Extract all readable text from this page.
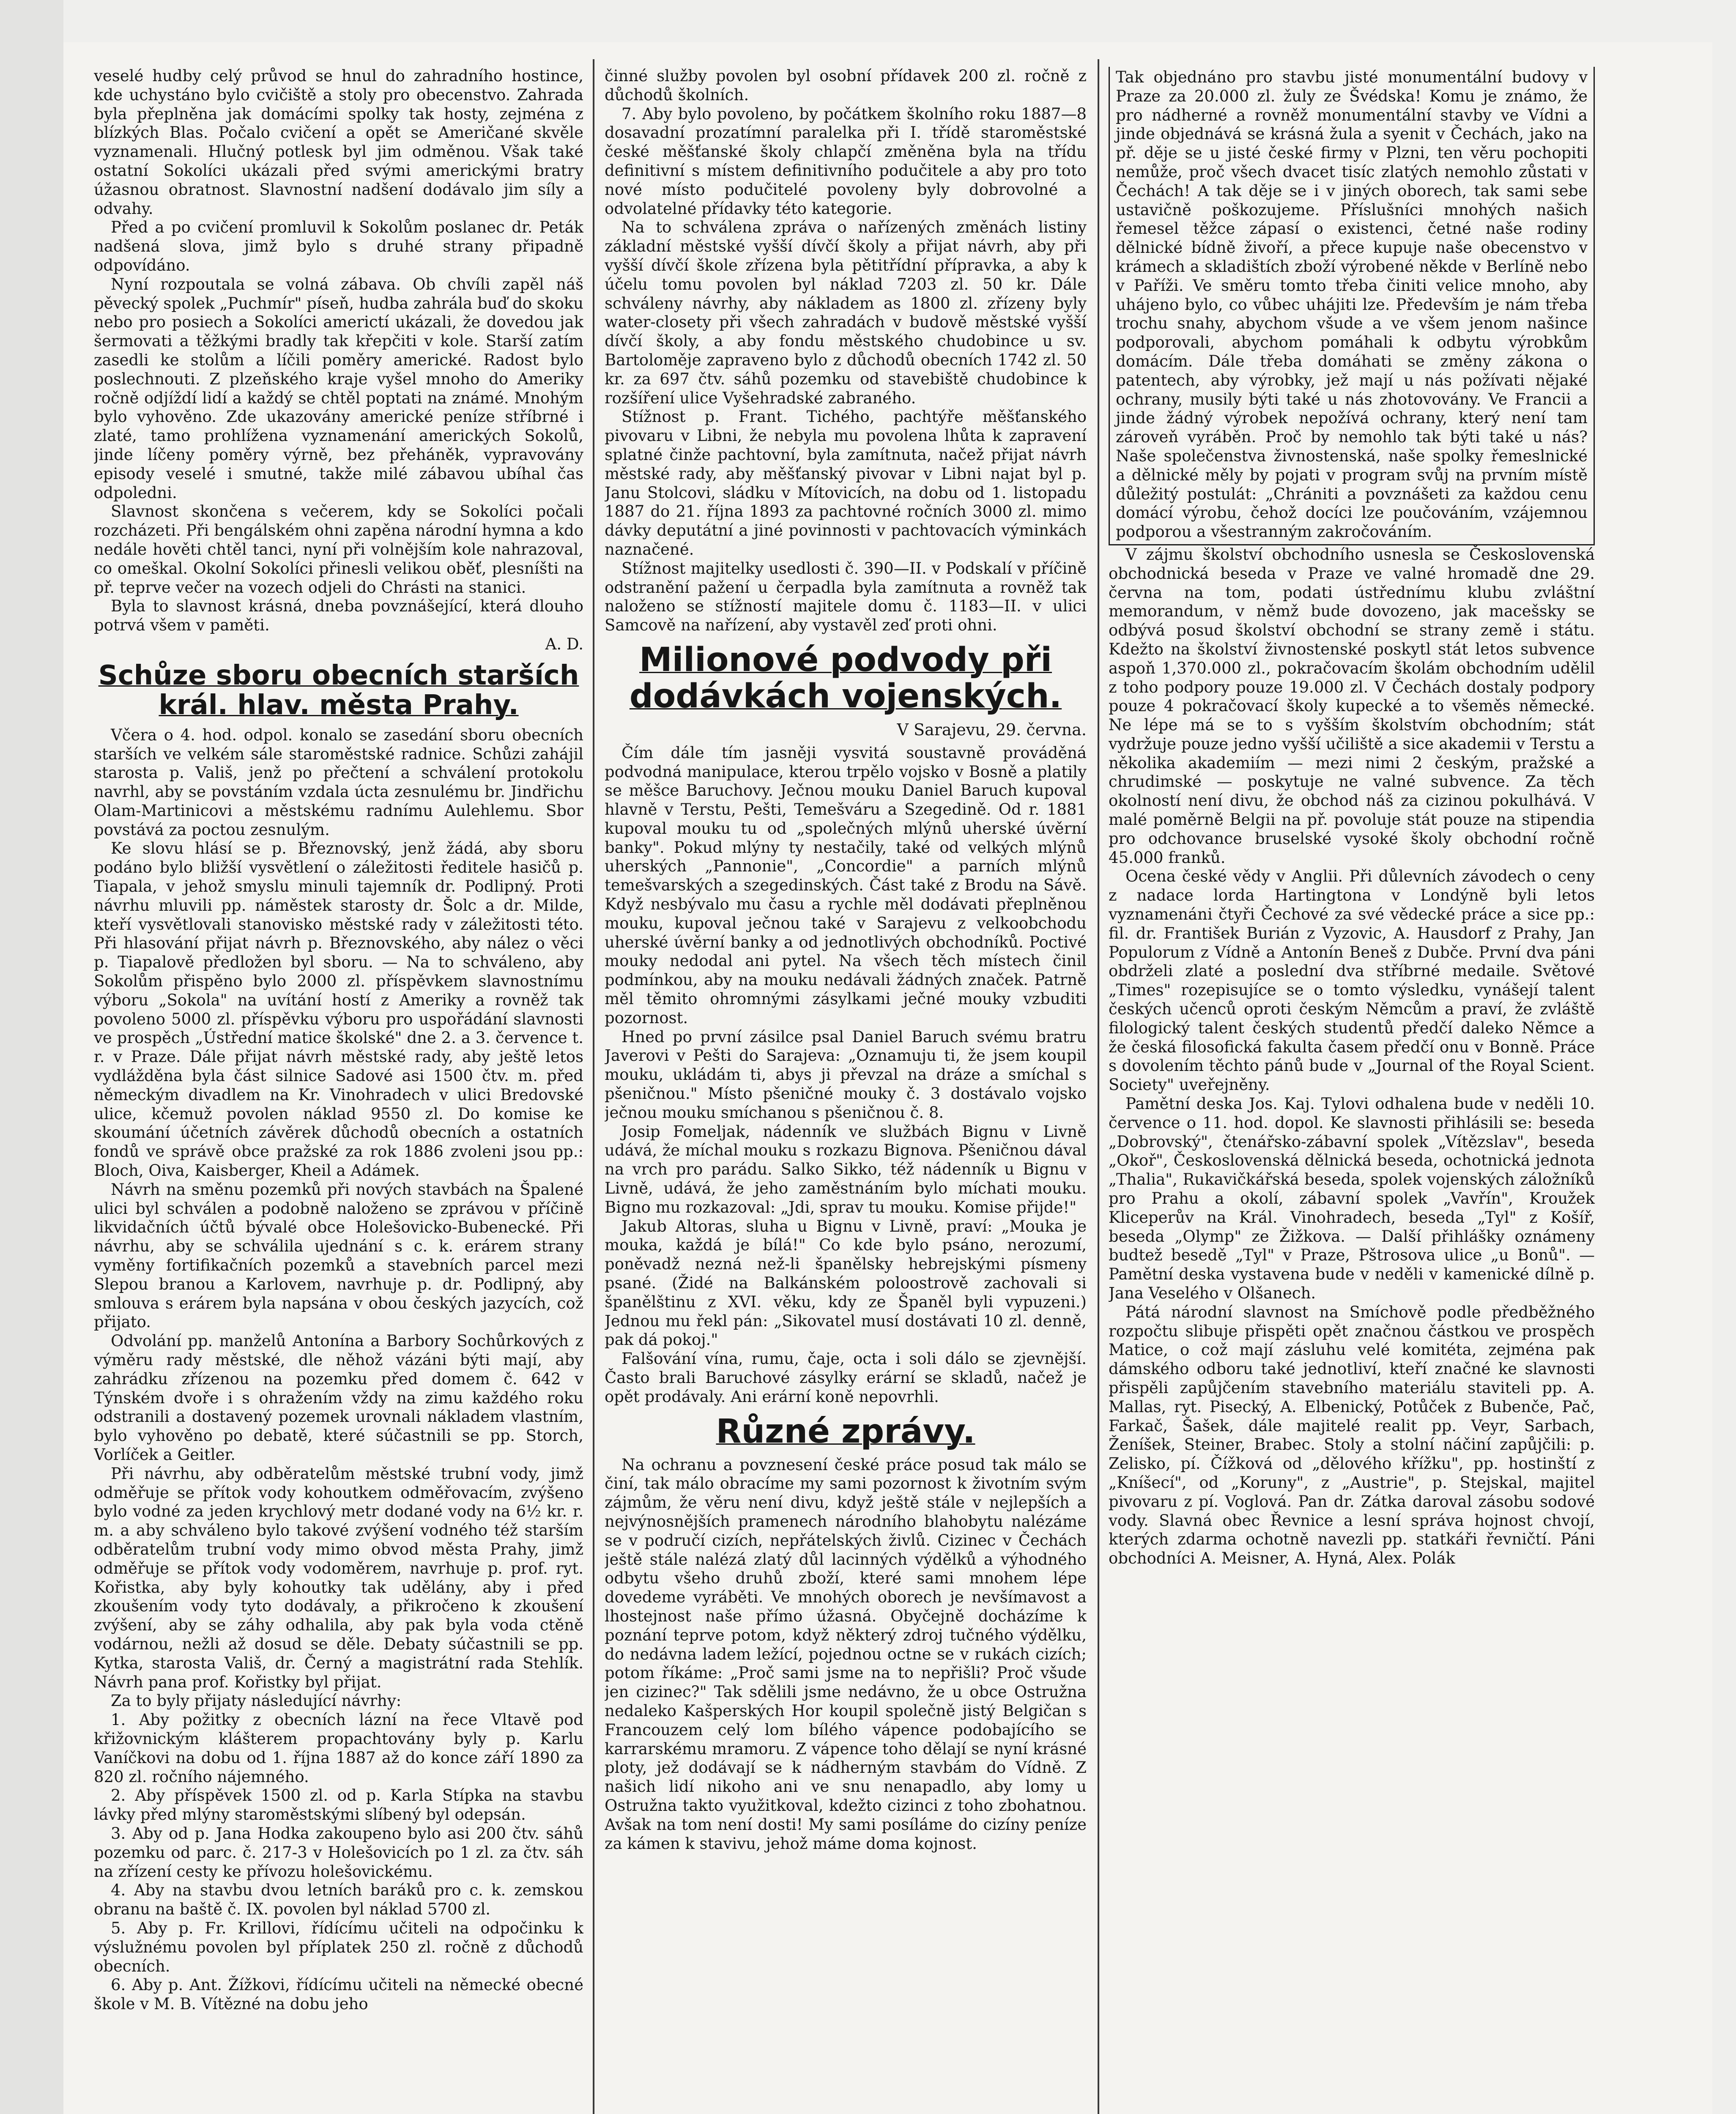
veselé hudby celý průvod se hnul do zahradního hostince, kde uchystáno bylo cvičiště a stoly pro obecenstvo. Zahrada byla přeplněna jak domácími spolky tak hosty, zejména z blízkých Blas. Počalo cvičení a opět se Američané skvěle vyznamenali. Hlučný potlesk byl jim odměnou. Však také ostatní Sokolíci ukázali před svými americkými bratry úžasnou obratnost. Slavnostní nadšení dodávalo jim síly a odvahy.

Před a po cvičení promluvil k Sokolům poslanec dr. Peták nadšená slova, jimž bylo s druhé strany připadně odpovídáno.

Nyní rozpoutala se volná zábava. Ob chvíli zapěl náš pěvecký spolek „Puchmír" píseň, hudba zahrála buď do skoku nebo pro posiech a Sokolíci americtí ukázali, že dovedou jak šermovati a těžkými bradly tak křepčiti v kole. Starší zatím zasedli ke stolům a líčili poměry americké. Radost bylo poslechnouti. Z plzeňského kraje vyšel mnoho do Ameriky ročně odjíždí lidí a každý se chtěl poptati na známé. Mnohým bylo vyhověno. Zde ukazovány americké peníze stříbrné i zlaté, tamo prohlížena vyznamenání amerických Sokolů, jinde líčeny poměry výrně, bez přeháněk, vypravovány episody veselé i smutné, takže milé zábavou ubíhal čas odpoledni.

Slavnost skončena s večerem, kdy se Sokolíci počali rozcházeti. Při bengálském ohni zapěna národní hymna a kdo nedále hověti chtěl tanci, nyní při volnějším kole nahrazoval, co omeškal. Okolní Sokolíci přinesli velikou oběť, plesníšti na př. teprve večer na vozech odjeli do Chrásti na stanici.

Byla to slavnost krásná, dneba povznášející, která dlouho potrvá všem v paměti.

A. D.
Schůze sboru obecních starších král. hlav. města Prahy.

Včera o 4. hod. odpol. konalo se zasedání sboru obecních starších ve velkém sále staroměstské radnice. Schůzi zahájil starosta p. Vališ, jenž po přečtení a schválení protokolu navrhl, aby se povstáním vzdala úcta zesnulému br. Jindřichu Olam-Martinicovi a městskému radnímu Aulehlemu. Sbor povstává za poctou zesnulým.

Ke slovu hlásí se p. Březnovský, jenž žádá, aby sboru podáno bylo bližší vysvětlení o záležitosti ředitele hasičů p. Tiapala, v jehož smyslu minuli tajemník dr. Podlipný. Proti návrhu mluvili pp. náměstek starosty dr. Šolc a dr. Milde, kteří vysvětlovali stanovisko městské rady v záležitosti této. Při hlasování přijat návrh p. Březnovského, aby nález o věci p. Tiapalově předložen byl sboru. — Na to schváleno, aby Sokolům přispěno bylo 2000 zl. příspěvkem slavnostnímu výboru „Sokola" na uvítání hostí z Ameriky a rovněž tak povoleno 5000 zl. příspěvku výboru pro uspořádání slavnosti ve prospěch „Ústřední matice školské" dne 2. a 3. července t. r. v Praze. Dále přijat návrh městské rady, aby ještě letos vydlážděna byla část silnice Sadové asi 1500 čtv. m. před německým divadlem na Kr. Vinohradech v ulici Bredovské ulice, kčemuž povolen náklad 9550 zl. Do komise ke skoumání účetních závěrek důchodů obecních a ostatních fondů ve správě obce pražské za rok 1886 zvoleni jsou pp.: Bloch, Oiva, Kaisberger, Kheil a Adámek.

Návrh na směnu pozemků při nových stavbách na Špalené ulici byl schválen a podobně naloženo se zprávou v příčině likvidačních účtů bývalé obce Holešovicko-Bubenecké. Při návrhu, aby se schválila ujednání s c. k. erárem strany vyměny fortifikačních pozemků a stavebních parcel mezi Slepou branou a Karlovem, navrhuje p. dr. Podlipný, aby smlouva s erárem byla napsána v obou českých jazycích, což přijato.

Odvolání pp. manželů Antonína a Barbory Sochůrkových z výměru rady městské, dle něhož vázáni býti mají, aby zahrádku zřízenou na pozemku před domem č. 642 v Týnském dvoře i s ohražením vždy na zimu každého roku odstranili a dostavený pozemek urovnali nákladem vlastním, bylo vyhověno po debatě, které súčastnili se pp. Storch, Vorlíček a Geitler.

Při návrhu, aby odběratelům městské trubní vody, jimž odměřuje se přítok vody kohoutkem odměřovacím, zvýšeno bylo vodné za jeden krychlový metr dodané vody na 6½ kr. r. m. a aby schváleno bylo takové zvýšení vodného též starším odběratelům trubní vody mimo obvod města Prahy, jimž odměřuje se přítok vody vodoměrem, navrhuje p. prof. ryt. Kořistka, aby byly kohoutky tak udělány, aby i před zkoušením vody tyto dodávaly, a přikročeno k zkoušení zvýšení, aby se záhy odhalila, aby pak byla voda ctěně vodárnou, nežli až dosud se děle. Debaty súčastnili se pp. Kytka, starosta Vališ, dr. Černý a magistrátní rada Stehlík. Návrh pana prof. Kořistky byl přijat.

Za to byly přijaty následující návrhy:

1. Aby požitky z obecních lázní na řece Vltavě pod křižovnickým klášterem propachtovány byly p. Karlu Vaníčkovi na dobu od 1. října 1887 až do konce září 1890 za 820 zl. ročního nájemného.

2. Aby příspěvek 1500 zl. od p. Karla Stípka na stavbu lávky před mlýny staroměstskými slíbený byl odepsán.

3. Aby od p. Jana Hodka zakoupeno bylo asi 200 čtv. sáhů pozemku od parc. č. 217-3 v Holešovicích po 1 zl. za čtv. sáh na zřízení cesty ke přívozu holešovickému.

4. Aby na stavbu dvou letních baráků pro c. k. zemskou obranu na baště č. IX. povolen byl náklad 5700 zl.

5. Aby p. Fr. Krillovi, řídícímu učiteli na odpočinku k výslužnému povolen byl příplatek 250 zl. ročně z důchodů obecních.

6. Aby p. Ant. Žížkovi, řídícímu učiteli na německé obecné škole v M. B. Vítězné na dobu jeho

činné služby povolen byl osobní přídavek 200 zl. ročně z důchodů školních.

7. Aby bylo povoleno, by počátkem školního roku 1887—8 dosavadní prozatímní paralelka při I. třídě staroměstské české měšťanské školy chlapčí změněna byla na třídu definitivní s místem definitivního podučitele a aby pro toto nové místo podučitelé povoleny byly dobrovolné a odvolatelné přídavky této kategorie.

Na to schválena zpráva o nařízených změnách listiny základní městské vyšší dívčí školy a přijat návrh, aby při vyšší dívčí škole zřízena byla pětitřídní přípravka, a aby k účelu tomu povolen byl náklad 7203 zl. 50 kr. Dále schváleny návrhy, aby nákladem as 1800 zl. zřízeny byly water-closety při všech zahradách v budově městské vyšší dívčí školy, a aby fondu městského chudobince u sv. Bartoloměje zapraveno bylo z důchodů obecních 1742 zl. 50 kr. za 697 čtv. sáhů pozemku od stavebiště chudobince k rozšíření ulice Vyšehradské zabraného.

Stížnost p. Frant. Tichého, pachtýře měšťanského pivovaru v Libni, že nebyla mu povolena lhůta k zapravení splatné činže pachtovní, byla zamítnuta, načež přijat návrh městské rady, aby měšťanský pivovar v Libni najat byl p. Janu Stolcovi, sládku v Mítovicích, na dobu od 1. listopadu 1887 do 21. října 1893 za pachtovné ročních 3000 zl. mimo dávky deputátní a jiné povinnosti v pachtovacích výminkách naznačené.

Stížnost majitelky usedlosti č. 390—II. v Podskalí v příčině odstranění pažení u čerpadla byla zamítnuta a rovněž tak naloženo se stížností majitele domu č. 1183—II. v ulici Samcově na nařízení, aby vystavěl zeď proti ohni.

Milionové podvody při dodávkách vojenských.
V Sarajevu, 29. června.

Čím dále tím jasněji vysvitá soustavně prováděná podvodná manipulace, kterou trpělo vojsko v Bosně a platily se měšce Baruchovy. Ječnou mouku Daniel Baruch kupoval hlavně v Terstu, Pešti, Temešváru a Szegedině. Od r. 1881 kupoval mouku tu od „společných mlýnů uherské úvěrní banky". Pokud mlýny ty nestačily, také od velkých mlýnů uherských „Pannonie", „Concordie" a parních mlýnů temešvarských a szegedinských. Část také z Brodu na Sávě. Když nesbývalo mu času a rychle měl dodávati přeplněnou mouku, kupoval ječnou také v Sarajevu z velkoobchodu uherské úvěrní banky a od jednotlivých obchodníků. Poctivé mouky nedodal ani pytel. Na všech těch místech činil podmínkou, aby na mouku nedávali žádných značek. Patrně měl těmito ohromnými zásylkami ječné mouky vzbuditi pozornost.

Hned po první zásilce psal Daniel Baruch svému bratru Javerovi v Pešti do Sarajeva: „Oznamuju ti, že jsem koupil mouku, ukládám ti, abys ji převzal na dráze a smíchal s pšeničnou." Místo pšeničné mouky č. 3 dostávalo vojsko ječnou mouku smíchanou s pšeničnou č. 8.

Josip Fomeljak, nádenník ve službách Bignu v Livně udává, že míchal mouku s rozkazu Bignova. Pšeničnou dával na vrch pro parádu. Salko Sikko, též nádenník u Bignu v Livně, udává, že jeho zaměstnáním bylo míchati mouku. Bigno mu rozkazoval: „Jdi, sprav tu mouku. Komise přijde!"

Jakub Altoras, sluha u Bignu v Livně, praví: „Mouka je mouka, každá je bílá!" Co kde bylo psáno, nerozumí, poněvadž nezná než-li španělsky hebrejskými písmeny psané. (Židé na Balkánském poloostrově zachovali si španělštinu z XVI. věku, kdy ze Španěl byli vypuzeni.) Jednou mu řekl pán: „Sikovatel musí dostávati 10 zl. denně, pak dá pokoj."

Falšování vína, rumu, čaje, octa i soli dálo se zjevnější. Často brali Baruchové zásylky erární se skladů, načež je opět prodávaly. Ani erární koně nepovrhli.

Různé zprávy.

Na ochranu a povznesení české práce posud tak málo se činí, tak málo obracíme my sami pozornost k životním svým zájmům, že věru není divu, když ještě stále v nejlepších a nejvýnosnějších pramenech národního blahobytu nalézáme se v područí cizích, nepřátelských živlů. Cizinec v Čechách ještě stále nalézá zlatý důl lacinných výdělků a výhodného odbytu všeho druhů zboží, které sami mnohem lépe dovedeme vyráběti. Ve mnohých oborech je nevšímavost a lhostejnost naše přímo úžasná. Obyčejně docházíme k poznání teprve potom, když některý zdroj tučného výdělku, do nedávna ladem ležící, pojednou octne se v rukách cizích; potom říkáme: „Proč sami jsme na to nepřišli? Proč všude jen cizinec?" Tak sdělili jsme nedávno, že u obce Ostružna nedaleko Kašperských Hor koupil společně jistý Belgičan s Francouzem celý lom bílého vápence podobajícího se karrarskému mramoru. Z vápence toho dělají se nyní krásné ploty, jež dodávají se k nádherným stavbám do Vídně. Z našich lidí nikoho ani ve snu nenapadlo, aby lomy u Ostružna takto využitkoval, kdežto cizinci z toho zbohatnou. Avšak na tom není dosti! My sami posíláme do cizíny peníze za kámen k stavivu, jehož máme doma kojnost.

Tak objednáno pro stavbu jisté monumentální budovy v Praze za 20.000 zl. žuly ze Švédska! Komu je známo, že pro nádherné a rovněž monumentální stavby ve Vídni a jinde objednává se krásná žula a syenit v Čechách, jako na př. děje se u jisté české firmy v Plzni, ten věru pochopiti nemůže, proč všech dvacet tisíc zlatých nemohlo zůstati v Čechách! A tak děje se i v jiných oborech, tak sami sebe ustavičně poškozujeme. Příslušníci mnohých našich řemesel těžce zápasí o existenci, četné naše rodiny dělnické bídně živoří, a přece kupuje naše obecenstvo v krámech a skladištích zboží výrobené někde v Berlíně nebo v Paříži. Ve směru tomto třeba činiti velice mnoho, aby uhájeno bylo, co vůbec uhájiti lze. Především je nám třeba trochu snahy, abychom všude a ve všem jenom našince podporovali, abychom pomáhali k odbytu výrobkům domácím. Dále třeba domáhati se změny zákona o patentech, aby výrobky, jež mají u nás požívati nějaké ochrany, musily býti také u nás zhotovovány. Ve Francii a jinde žádný výrobek nepožívá ochrany, který není tam zároveň vyráběn. Proč by nemohlo tak býti také u nás? Naše společenstva živnostenská, naše spolky řemeslnické a dělnické měly by pojati v program svůj na prvním místě důležitý postulát: „Chrániti a povznášeti za každou cenu domácí výrobu, čehož docíci lze poučováním, vzájemnou podporou a všestranným zakročováním.

V zájmu školství obchodního usnesla se Československá obchodnická beseda v Praze ve valné hromadě dne 29. června na tom, podati ústřednímu klubu zvláštní memorandum, v němž bude dovozeno, jak macešsky se odbývá posud školství obchodní se strany země i státu. Kdežto na školství živnostenské poskytl stát letos subvence aspoň 1,370.000 zl., pokračovacím školám obchodním udělil z toho podpory pouze 19.000 zl. V Čechách dostaly podpory pouze 4 pokračovací školy kupecké a to všeměs německé. Ne lépe má se to s vyšším školstvím obchodním; stát vydržuje pouze jedno vyšší učiliště a sice akademii v Terstu a několika akademiím — mezi nimi 2 českým, pražské a chrudimské — poskytuje ne valné subvence. Za těch okolností není divu, že obchod náš za cizinou pokulhává. V malé poměrně Belgii na př. povoluje stát pouze na stipendia pro odchovance bruselské vysoké školy obchodní ročně 45.000 franků.

Ocena české vědy v Anglii. Při důlevních závodech o ceny z nadace lorda Hartingtona v Londýně byli letos vyznamenáni čtyři Čechové za své vědecké práce a sice pp.: fil. dr. František Burián z Vyzovic, A. Hausdorf z Prahy, Jan Populorum z Vídně a Antonín Beneš z Dubče. První dva páni obdrželi zlaté a poslední dva stříbrné medaile. Světové „Times" rozepisujíce se o tomto výsledku, vynášejí talent českých učenců oproti českým Němcům a praví, že zvláště filologický talent českých studentů předčí daleko Němce a že česká filosofická fakulta časem předčí onu v Bonně. Práce s dovolením těchto pánů bude v „Journal of the Royal Scient. Society" uveřejněny.

Pamětní deska Jos. Kaj. Tylovi odhalena bude v neděli 10. července o 11. hod. dopol. Ke slavnosti přihlásili se: beseda „Dobrovský", čtenářsko-zábavní spolek „Vítězslav", beseda „Okoř", Československá dělnická beseda, ochotnická jednota „Thalia", Rukavičkářská beseda, spolek vojenských záložníků pro Prahu a okolí, zábavní spolek „Vavřín", Kroužek Kliceperův na Král. Vinohradech, beseda „Tyl" z Košíř, beseda „Olymp" ze Žižkova. — Další přihlášky oznámeny budtež besedě „Tyl" v Praze, Pštrosova ulice „u Bonů". — Pamětní deska vystavena bude v neděli v kamenické dílně p. Jana Veselého v Olšanech.

Pátá národní slavnost na Smíchově podle předběžného rozpočtu slibuje přispěti opět značnou částkou ve prospěch Matice, o což mají zásluhu velé komitéta, zejména pak dámského odboru také jednotliví, kteří značné ke slavnosti přispěli zapůjčením stavebního materiálu staviteli pp. A. Mallas, ryt. Pisecký, A. Elbenický, Potůček z Bubenče, Pač, Farkač, Šašek, dále majitelé realit pp. Veyr, Sarbach, Ženíšek, Steiner, Brabec. Stoly a stolní náčiní zapůjčili: p. Zelisko, pí. Čížková od „dělového křížku", pp. hostinští z „Kníšecí", od „Koruny", z „Austrie", p. Stejskal, majitel pivovaru z pí. Voglová. Pan dr. Zátka daroval zásobu sodové vody. Slavná obec Řevnice a lesní správa hojnost chvojí, kterých zdarma ochotně navezli pp. statkáři řevničtí. Páni obchodníci A. Meisner, A. Hyná, Alex. Polák
